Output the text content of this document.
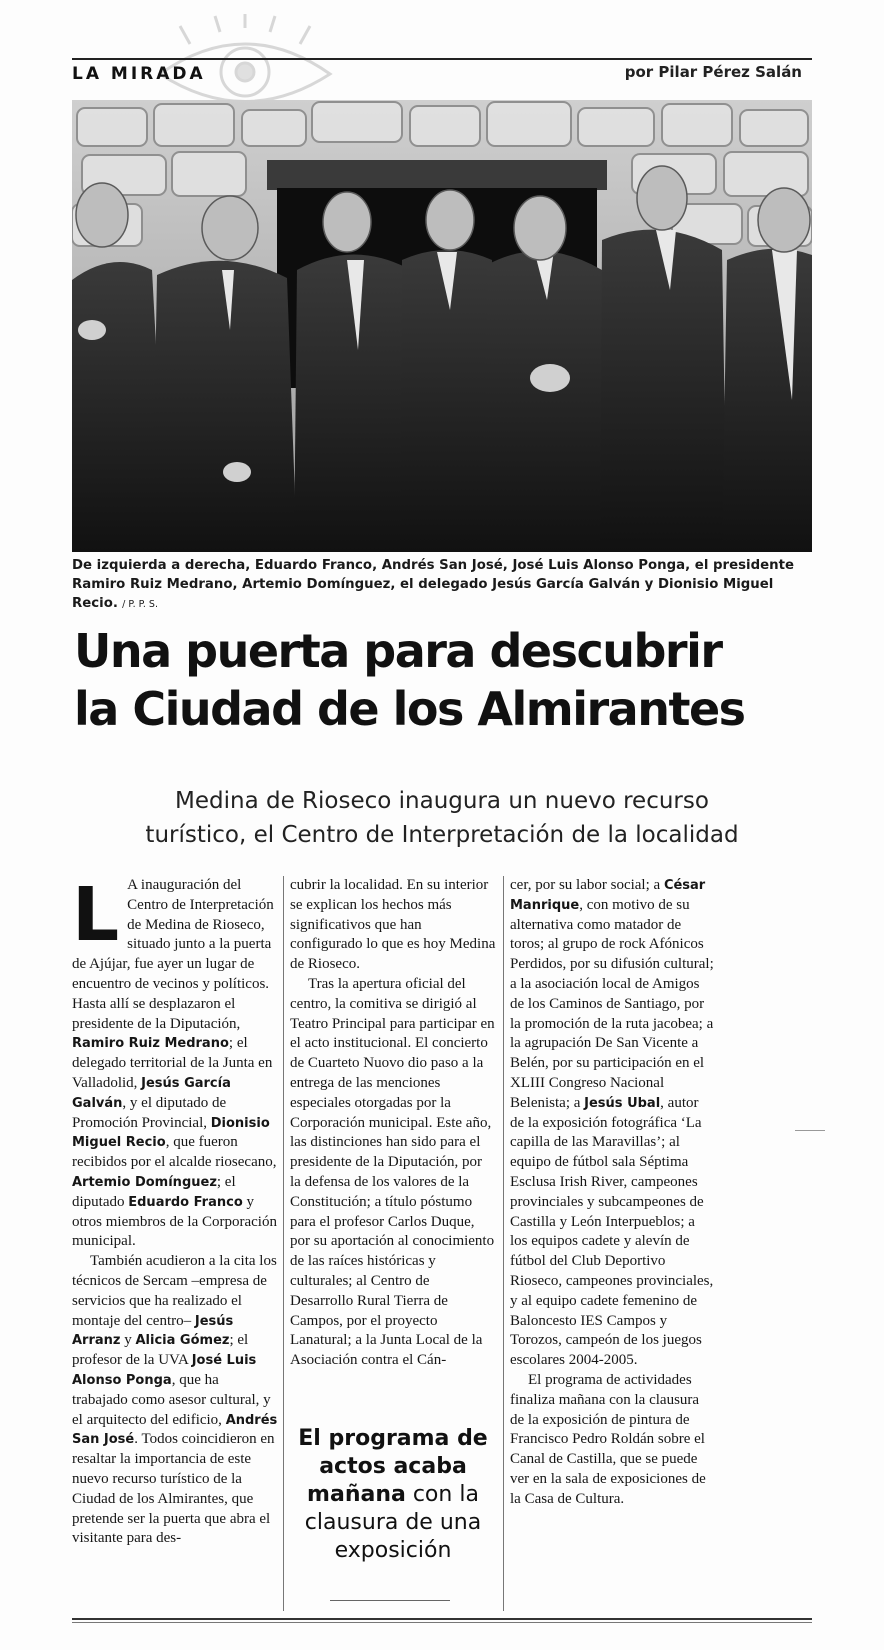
LA MIRADA	por Pilar Pérez Salán
De izquierda a derecha, Eduardo Franco, Andrés San José, José Luis Alonso Ponga, el presidente Ramiro Ruiz Medrano, Artemio Domínguez, el delegado Jesús García Galván y Dionisio Miguel Recio. / P. P. S.
Una puerta para descubrir
la Ciudad de los Almirantes
Medina de Rioseco inaugura un nuevo recurso
turístico, el Centro de Interpretación de la localidad

L A inauguración del Centro de Interpretación de Medina de Rioseco, situado junto a la puerta de Ajújar, fue ayer un lugar de encuentro de vecinos y políticos. Hasta allí se desplazaron el presidente de la Diputación, Ramiro Ruiz Medrano; el delegado territorial de la Junta en Valladolid, Jesús García Galván, y el diputado de Promoción Provincial, Dionisio Miguel Recio, que fueron recibidos por el alcalde riosecano, Artemio Domínguez; el diputado Eduardo Franco y otros miembros de la Corporación municipal.

También acudieron a la cita los técnicos de Sercam –empresa de servicios que ha realizado el montaje del centro– Jesús Arranz y Alicia Gómez; el profesor de la UVA José Luis Alonso Ponga, que ha trabajado como asesor cultural, y el arquitecto del edificio, Andrés San José. Todos coincidieron en resaltar la importancia de este nuevo recurso turístico de la Ciudad de los Almirantes, que pretende ser la puerta que abra el visitante para des-

cubrir la localidad. En su interior se explican los hechos más significativos que han configurado lo que es hoy Medina de Rioseco.

Tras la apertura oficial del centro, la comitiva se dirigió al Teatro Principal para participar en el acto institucional. El concierto de Cuarteto Nuovo dio paso a la entrega de las menciones especiales otorgadas por la Corporación municipal. Este año, las distinciones han sido para el presidente de la Diputación, por la defensa de los valores de la Constitución; a título póstumo para el profesor Carlos Duque, por su aportación al conocimiento de las raíces históricas y culturales; al Centro de Desarrollo Rural Tierra de Campos, por el proyecto Lanatural; a la Junta Local de la Asociación contra el Cán-

cer, por su labor social; a César Manrique, con motivo de su alternativa como matador de toros; al grupo de rock Afónicos Perdidos, por su difusión cultural; a la asociación local de Amigos de los Caminos de Santiago, por la promoción de la ruta jacobea; a la agrupación De San Vicente a Belén, por su participación en el XLIII Congreso Nacional Belenista; a Jesús Ubal, autor de la exposición fotográfica ‘La capilla de las Maravillas’; al equipo de fútbol sala Séptima Esclusa Irish River, campeones provinciales y subcampeones de Castilla y León Interpueblos; a los equipos cadete y alevín de fútbol del Club Deportivo Rioseco, campeones provinciales, y al equipo cadete femenino de Baloncesto IES Campos y Torozos, campeón de los juegos escolares 2004-2005.

El programa de actividades finaliza mañana con la clausura de la exposición de pintura de Francisco Pedro Roldán sobre el Canal de Castilla, que se puede ver en la sala de exposiciones de la Casa de Cultura.

El programa de actos acaba mañana con la clausura de una exposición
